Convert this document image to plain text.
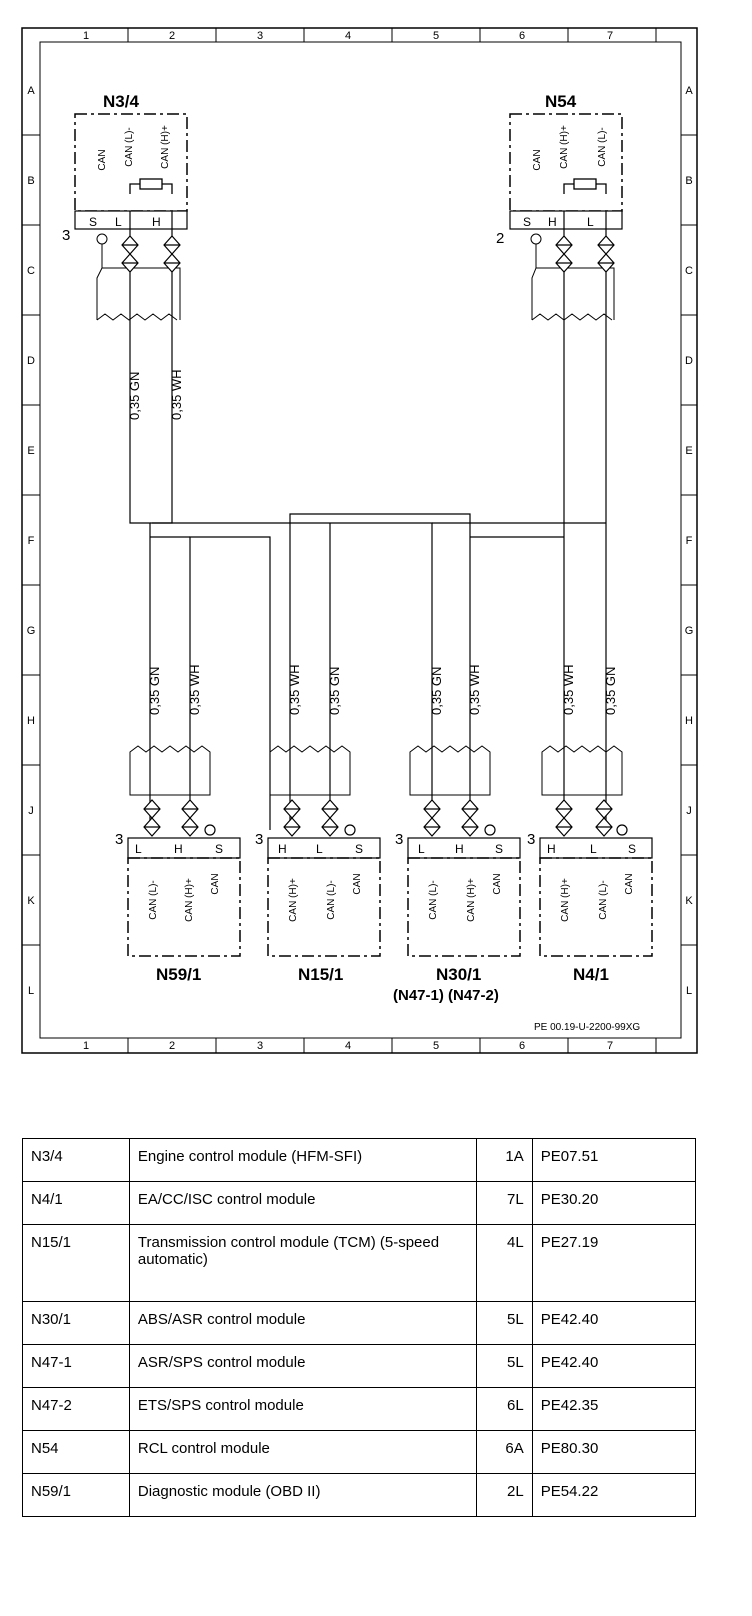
1	2	3	4	5	6	7
1	2	3	4	5	6	7
A
B
C
D
E
F
G
H
J
K
L
A
B
C
D
E
F
G
H
J
K
L
N3/4
CAN CAN (L)-	CAN (H)+
S L	H
3
N54
CAN CAN (H)+	CAN (L)-
S H	L
2
0,35 GN 0,35 WH
0,35 GN 0,35 WH	0,35 WH 0,35 GN	0,35 GN 0,35 WH	0,35 WH 0,35 GN
3
L	H	S
CAN (L)-	CAN (H)+ CAN
N59/1
3
H L	S
CAN (H)+	CAN (L)- CAN
N15/1
3
L	H	S
CAN (L)-	CAN (H)+ CAN
N30/1
(N47-1) (N47-2)
3
H	L	S
CAN (H)+	CAN (L)- CAN
N4/1
PE 00.19-U-2200-99XG
N3/4	Engine control module (HFM-SFI)	1A	PE07.51
N4/1	EA/CC/ISC control module	7L	PE30.20
N15/1	Transmission control module (TCM) (5-speed automatic)	4L	PE27.19
N30/1	ABS/ASR control module	5L	PE42.40
N47-1	ASR/SPS control module	5L	PE42.40
N47-2	ETS/SPS control module	6L	PE42.35
N54	RCL control module	6A	PE80.30
N59/1	Diagnostic module (OBD II)	2L	PE54.22
